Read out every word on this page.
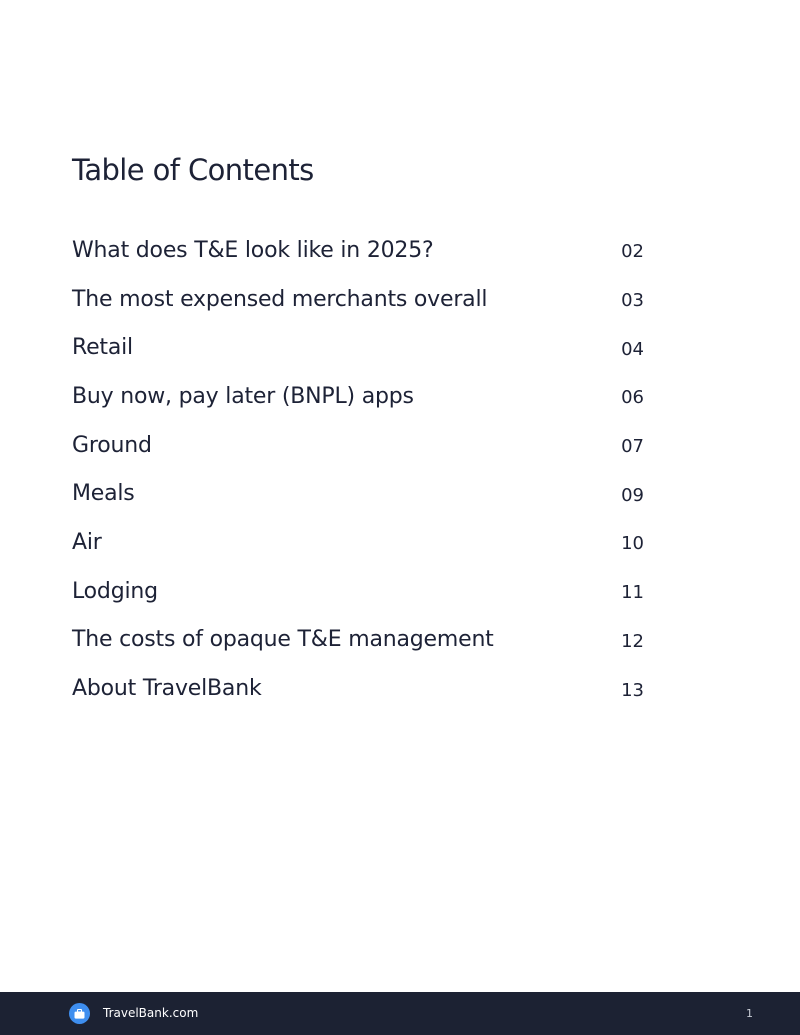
Table of Contents
What does T&E look like in 2025?	02
The most expensed merchants overall	03
Retail	04
Buy now, pay later (BNPL) apps	06
Ground	07
Meals	09
Air	10
Lodging	11
The costs of opaque T&E management	12
About TravelBank	13
TravelBank.com	1
